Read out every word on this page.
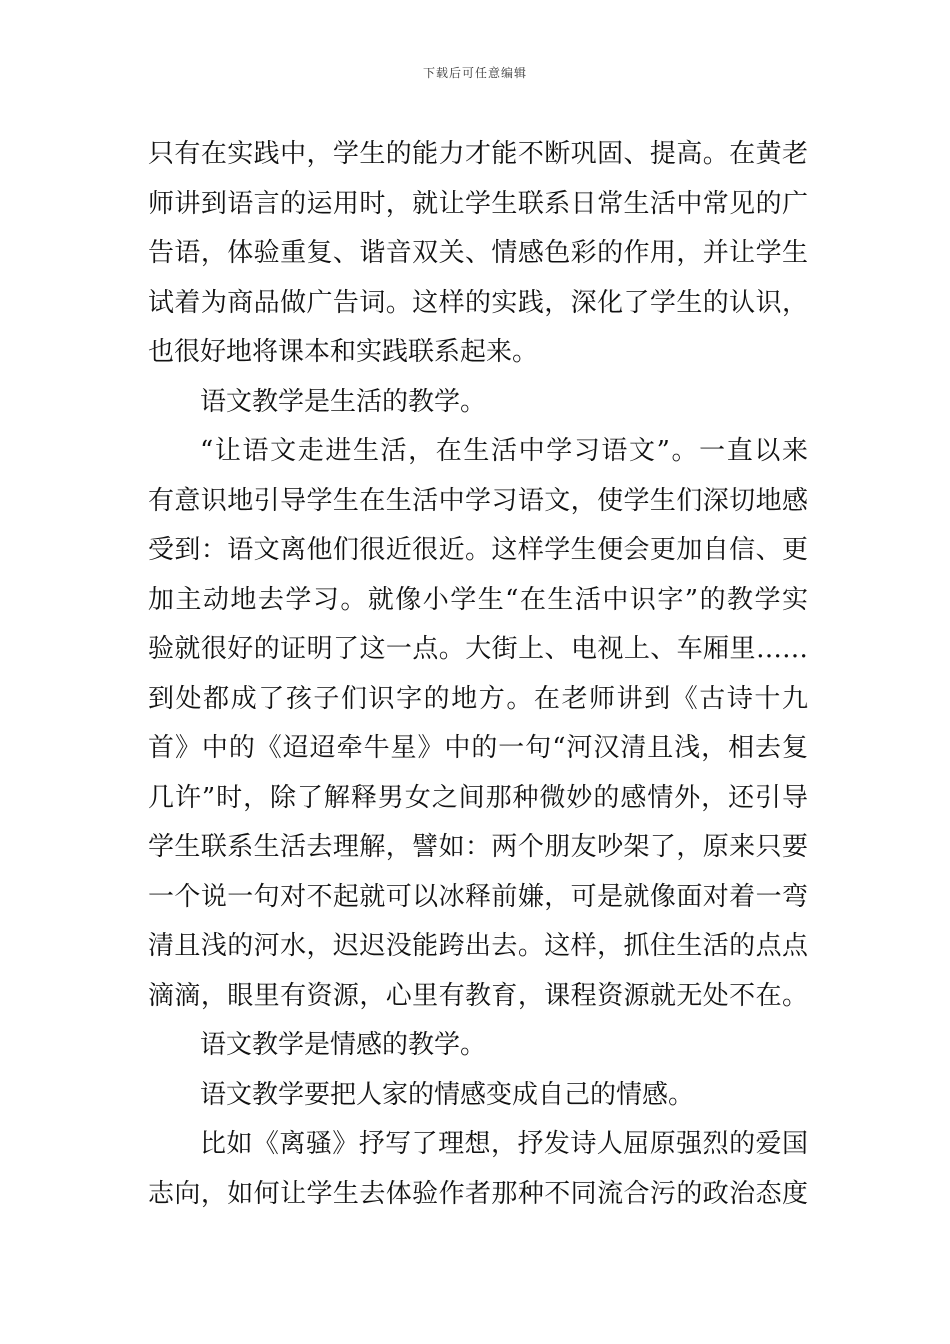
下载后可任意编辑
只有在实践中，学生的能力才能不断巩固、提高。在黄老
师讲到语言的运用时，就让学生联系日常生活中常见的广
告语，体验重复、谐音双关、情感色彩的作用，并让学生
试着为商品做广告词。这样的实践，深化了学生的认识，
也很好地将课本和实践联系起来。
语文教学是生活的教学。
“让语文走进生活，在生活中学习语文”。一直以来
有意识地引导学生在生活中学习语文，使学生们深切地感
受到：语文离他们很近很近。这样学生便会更加自信、更
加主动地去学习。就像小学生“在生活中识字”的教学实
验就很好的证明了这一点。大街上、电视上、车厢里……
到处都成了孩子们识字的地方。在老师讲到《古诗十九
首》中的《迢迢牵牛星》中的一句“河汉清且浅，相去复
几许”时，除了解释男女之间那种微妙的感情外，还引导
学生联系生活去理解，譬如：两个朋友吵架了，原来只要
一个说一句对不起就可以冰释前嫌，可是就像面对着一弯
清且浅的河水，迟迟没能跨出去。这样，抓住生活的点点
滴滴，眼里有资源，心里有教育，课程资源就无处不在。
语文教学是情感的教学。
语文教学要把人家的情感变成自己的情感。
比如《离骚》抒写了理想，抒发诗人屈原强烈的爱国
志向，如何让学生去体验作者那种不同流合污的政治态度
